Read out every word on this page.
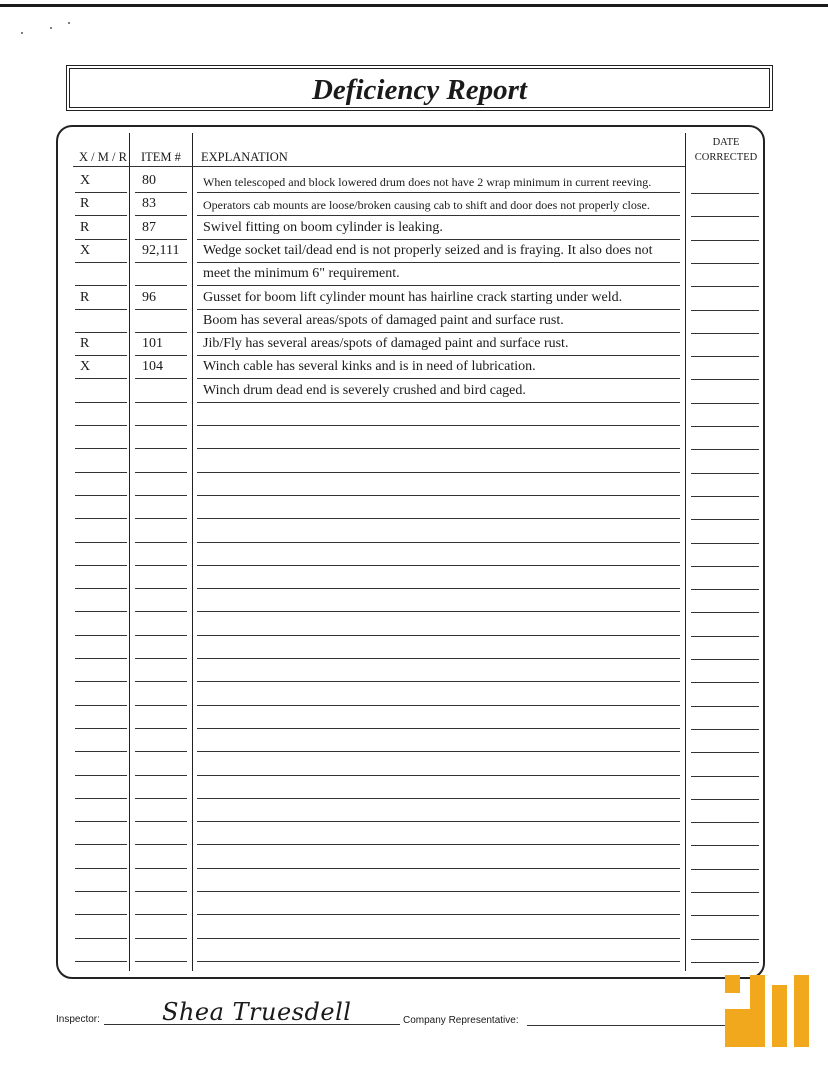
Deficiency Report
X / M / R ITEM # EXPLANATION
DATE
CORRECTED
X	80	When telescoped and block lowered drum does not have 2 wrap minimum in current reeving.
R	83	Operators cab mounts are loose/broken causing cab to shift and door does not properly close.
R	87	Swivel fitting on boom cylinder is leaking.
X	92,111 Wedge socket tail/dead end is not properly seized and is fraying. It also does not
meet the minimum 6" requirement.
R	96	Gusset for boom lift cylinder mount has hairline crack starting under weld.
Boom has several areas/spots of damaged paint and surface rust.
R	101	Jib/Fly has several areas/spots of damaged paint and surface rust.
X	104	Winch cable has several kinks and is in need of lubrication.
Winch drum dead end is severely crushed and bird caged.
Inspector:	Shea Truesdell	Company Representative:
